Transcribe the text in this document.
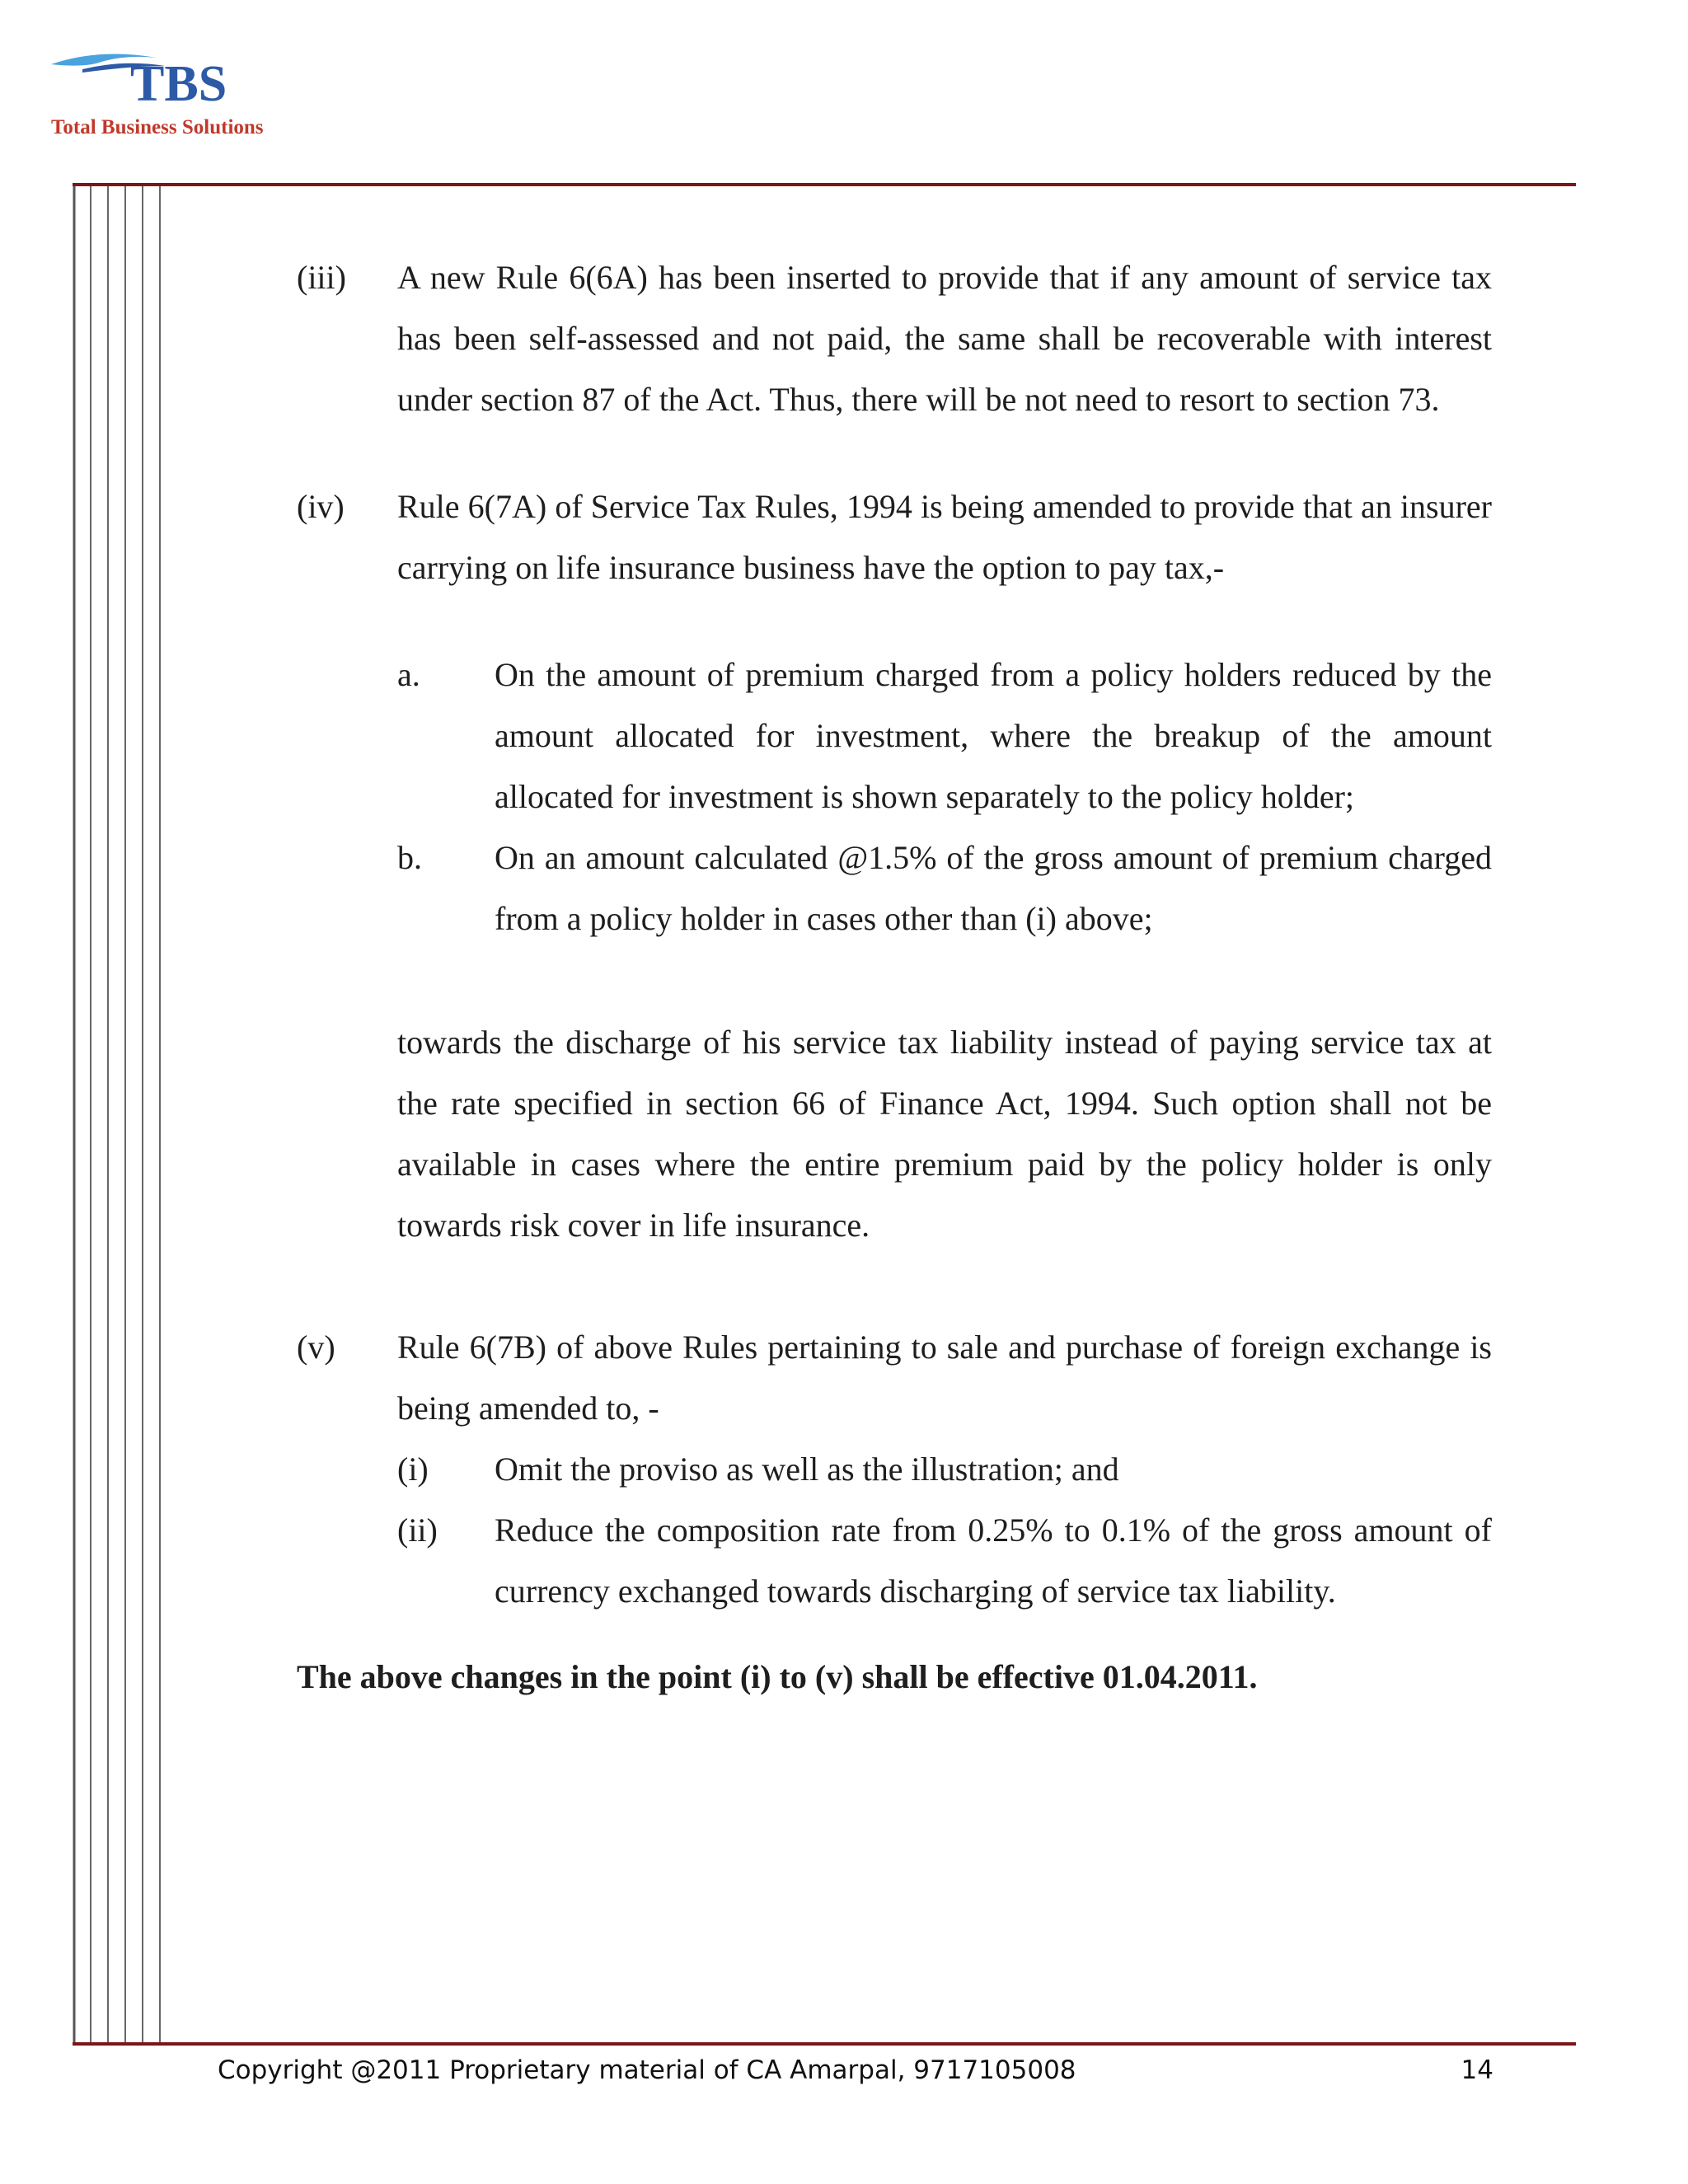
TBS
Total Business Solutions
(iii) A new Rule 6(6A) has been inserted to provide that if any amount of service tax has been self-assessed and not paid, the same shall be recoverable with interest under section 87 of the Act. Thus, there will be not need to resort to section 73.
(iv) Rule 6(7A) of Service Tax Rules, 1994 is being amended to provide that an insurer carrying on life insurance business have the option to pay tax,-
a. On the amount of premium charged from a policy holders reduced by the amount allocated for investment, where the breakup of the amount allocated for investment is shown separately to the policy holder;
b. On an amount calculated @1.5% of the gross amount of premium charged from a policy holder in cases other than (i) above;
towards the discharge of his service tax liability instead of paying service tax at the rate specified in section 66 of Finance Act, 1994. Such option shall not be available in cases where the entire premium paid by the policy holder is only towards risk cover in life insurance.
(v) Rule 6(7B) of above Rules pertaining to sale and purchase of foreign exchange is being amended to, -
(i) Omit the proviso as well as the illustration; and
(ii) Reduce the composition rate from 0.25% to 0.1% of the gross amount of currency exchanged towards discharging of service tax liability.
The above changes in the point (i) to (v) shall be effective 01.04.2011.
Copyright @2011 Proprietary material of CA Amarpal, 9717105008	14
